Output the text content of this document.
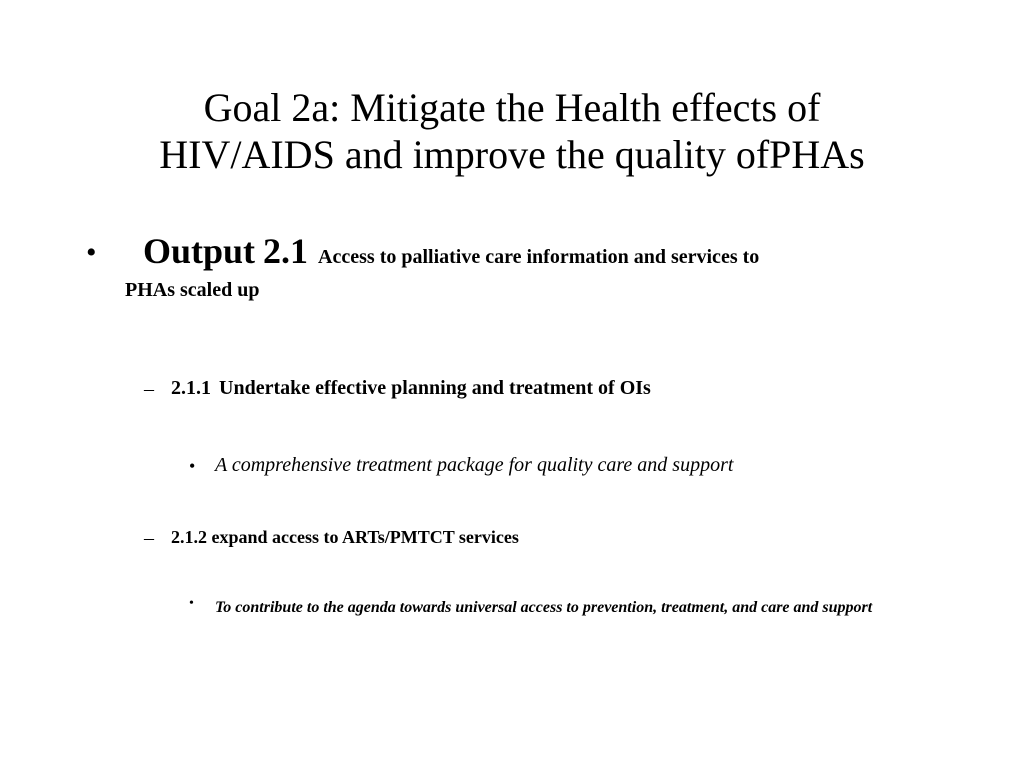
Goal 2a: Mitigate the Health effects of
HIV/AIDS and improve the quality ofPHAs
•	Output 2.1 Access to palliative care information and services to
PHAs scaled up
– 2.1.1 Undertake effective planning and treatment of OIs
• A comprehensive treatment package for quality care and support
– 2.1.2 expand access to ARTs/PMTCT services
• To contribute to the agenda towards universal access to prevention, treatment, and care and support
